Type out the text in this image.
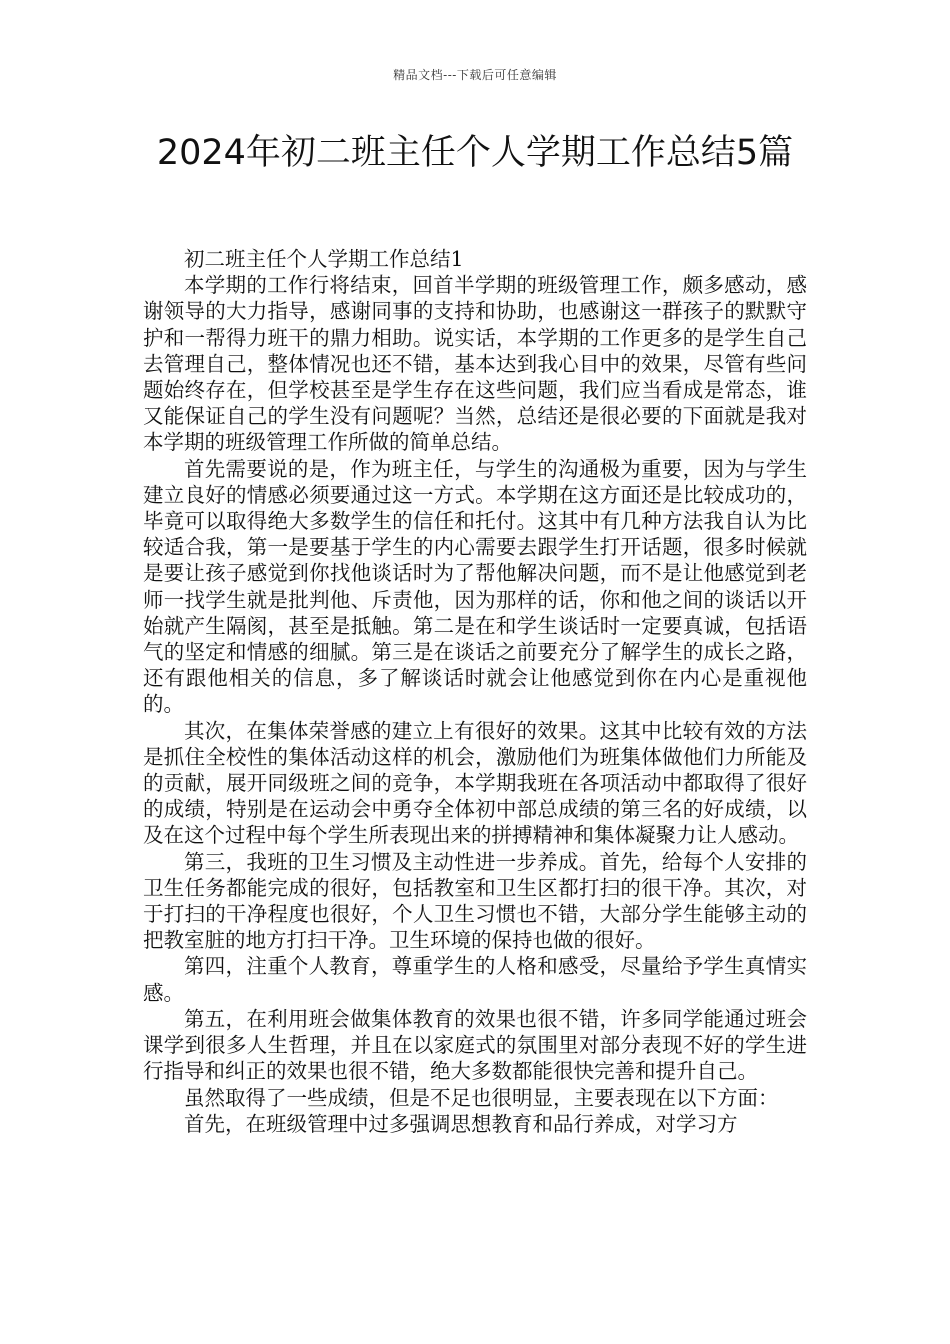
精品文档---下载后可任意编辑
2024年初二班主任个人学期工作总结5篇

初二班主任个人学期工作总结1

本学期的工作行将结束，回首半学期的班级管理工作，颇多感动，感谢领导的大力指导，感谢同事的支持和协助，也感谢这一群孩子的默默守护和一帮得力班干的鼎力相助。说实话，本学期的工作更多的是学生自己去管理自己，整体情况也还不错，基本达到我心目中的效果，尽管有些问题始终存在，但学校甚至是学生存在这些问题，我们应当看成是常态，谁又能保证自己的学生没有问题呢？当然，总结还是很必要的下面就是我对本学期的班级管理工作所做的简单总结。

首先需要说的是，作为班主任，与学生的沟通极为重要，因为与学生建立良好的情感必须要通过这一方式。本学期在这方面还是比较成功的，毕竟可以取得绝大多数学生的信任和托付。这其中有几种方法我自认为比较适合我，第一是要基于学生的内心需要去跟学生打开话题，很多时候就是要让孩子感觉到你找他谈话时为了帮他解决问题，而不是让他感觉到老师一找学生就是批判他、斥责他，因为那样的话，你和他之间的谈话以开始就产生隔阂，甚至是抵触。第二是在和学生谈话时一定要真诚，包括语气的坚定和情感的细腻。第三是在谈话之前要充分了解学生的成长之路，还有跟他相关的信息，多了解谈话时就会让他感觉到你在内心是重视他的。

其次，在集体荣誉感的建立上有很好的效果。这其中比较有效的方法是抓住全校性的集体活动这样的机会，激励他们为班集体做他们力所能及的贡献，展开同级班之间的竞争，本学期我班在各项活动中都取得了很好的成绩，特别是在运动会中勇夺全体初中部总成绩的第三名的好成绩，以及在这个过程中每个学生所表现出来的拼搏精神和集体凝聚力让人感动。

第三，我班的卫生习惯及主动性进一步养成。首先，给每个人安排的卫生任务都能完成的很好，包括教室和卫生区都打扫的很干净。其次，对于打扫的干净程度也很好，个人卫生习惯也不错，大部分学生能够主动的把教室脏的地方打扫干净。卫生环境的保持也做的很好。

第四，注重个人教育，尊重学生的人格和感受，尽量给予学生真情实感。

第五，在利用班会做集体教育的效果也很不错，许多同学能通过班会课学到很多人生哲理，并且在以家庭式的氛围里对部分表现不好的学生进行指导和纠正的效果也很不错，绝大多数都能很快完善和提升自己。

虽然取得了一些成绩，但是不足也很明显，主要表现在以下方面：

首先，在班级管理中过多强调思想教育和品行养成，对学习方
